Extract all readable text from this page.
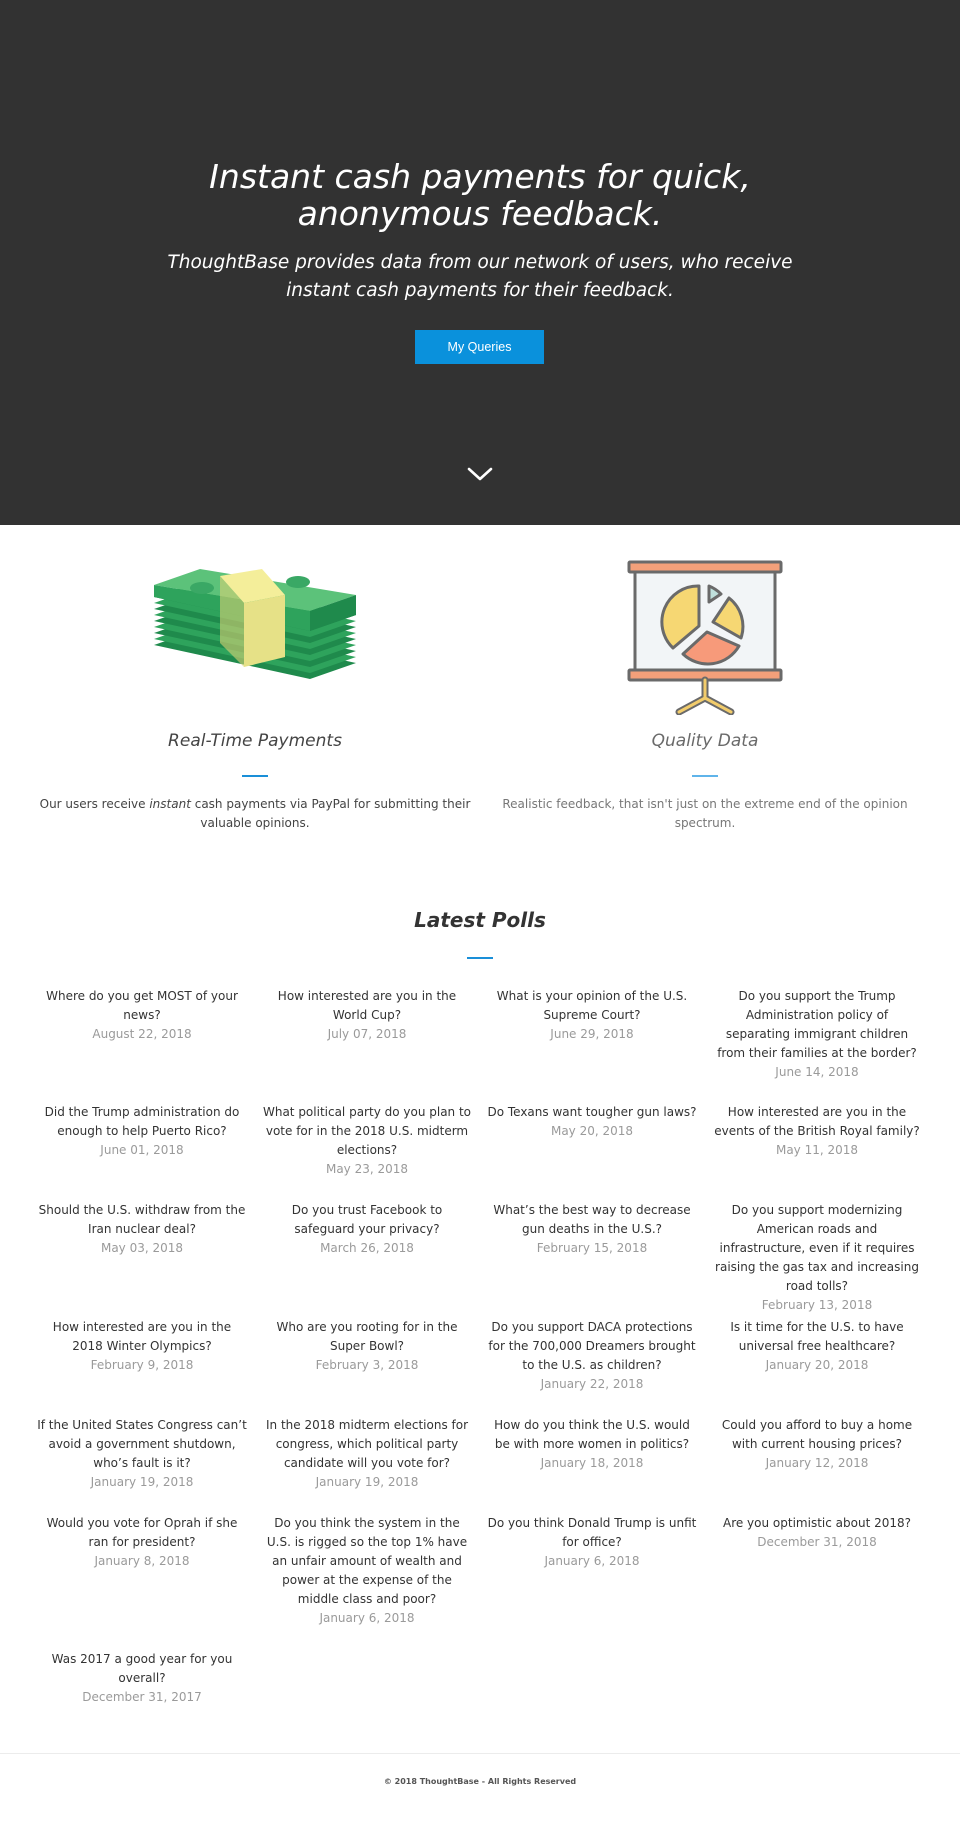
Instant cash payments for quick,
anonymous feedback.

ThoughtBase provides data from our network of users, who receive
instant cash payments for their feedback.

My Queries
Real-Time Payments

Our users receive instant cash payments via PayPal for submitting their valuable opinions.

Quality Data

Realistic feedback, that isn't just on the extreme end of the opinion spectrum.

Latest Polls
Where do you get MOST of your news?
August 22, 2018
How interested are you in the World Cup?
July 07, 2018
What is your opinion of the U.S. Supreme Court?
June 29, 2018
Do you support the Trump Administration policy of separating immigrant children from their families at the border?
June 14, 2018
Did the Trump administration do enough to help Puerto Rico?
June 01, 2018
What political party do you plan to vote for in the 2018 U.S. midterm elections?
May 23, 2018
Do Texans want tougher gun laws?
May 20, 2018
How interested are you in the events of the British Royal family?
May 11, 2018
Should the U.S. withdraw from the Iran nuclear deal?
May 03, 2018
Do you trust Facebook to safeguard your privacy?
March 26, 2018
What’s the best way to decrease gun deaths in the U.S.?
February 15, 2018
Do you support modernizing American roads and infrastructure, even if it requires raising the gas tax and increasing road tolls?
February 13, 2018
How interested are you in the 2018 Winter Olympics?
February 9, 2018
Who are you rooting for in the Super Bowl?
February 3, 2018
Do you support DACA protections for the 700,000 Dreamers brought to the U.S. as children?
January 22, 2018
Is it time for the U.S. to have universal free healthcare?
January 20, 2018
If the United States Congress can’t avoid a government shutdown, who’s fault is it?
January 19, 2018
In the 2018 midterm elections for congress, which political party candidate will you vote for?
January 19, 2018
How do you think the U.S. would be with more women in politics?
January 18, 2018
Could you afford to buy a home with current housing prices?
January 12, 2018
Would you vote for Oprah if she ran for president?
January 8, 2018
Do you think the system in the U.S. is rigged so the top 1% have an unfair amount of wealth and power at the expense of the middle class and poor?
January 6, 2018
Do you think Donald Trump is unfit for office?
January 6, 2018
Are you optimistic about 2018?
December 31, 2018
Was 2017 a good year for you overall?
December 31, 2017
© 2018 ThoughtBase - All Rights Reserved
